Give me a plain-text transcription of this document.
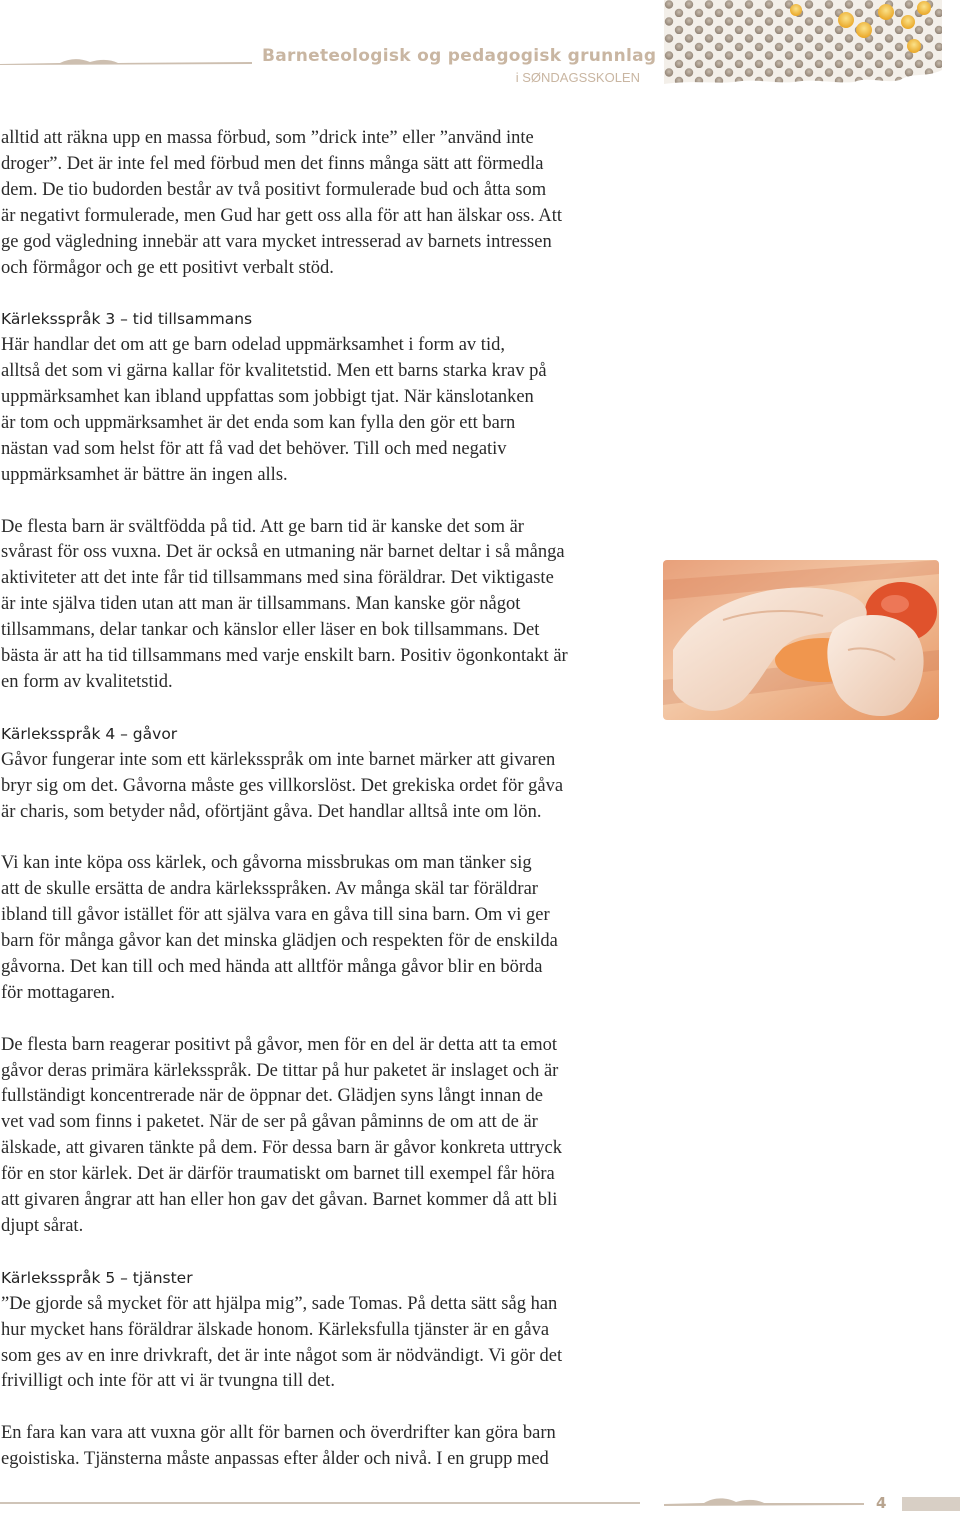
Barneteologisk og pedagogisk grunnlag
i SØNDAGSSKOLEN

alltid att räkna upp en massa förbud, som ”drick inte” eller ”använd inte
droger”. Det är inte fel med förbud men det finns många sätt att förmedla
dem. De tio budorden består av två positivt formulerade bud och åtta som
är negativt formulerade, men Gud har gett oss alla för att han älskar oss. Att
ge god vägledning innebär att vara mycket intresserad av barnets intressen
och förmågor och ge ett positivt verbalt stöd.

Kärleksspråk 3 – tid tillsammans
Här handlar det om att ge barn odelad uppmärksamhet i form av tid,
alltså det som vi gärna kallar för kvalitetstid. Men ett barns starka krav på
uppmärksamhet kan ibland uppfattas som jobbigt tjat. När känslotanken
är tom och uppmärksamhet är det enda som kan fylla den gör ett barn
nästan vad som helst för att få vad det behöver. Till och med negativ
uppmärksamhet är bättre än ingen alls.

De flesta barn är svältfödda på tid. Att ge barn tid är kanske det som är
svårast för oss vuxna. Det är också en utmaning när barnet deltar i så många
aktiviteter att det inte får tid tillsammans med sina föräldrar. Det viktigaste
är inte själva tiden utan att man är tillsammans. Man kanske gör något
tillsammans, delar tankar och känslor eller läser en bok tillsammans. Det
bästa är att ha tid tillsammans med varje enskilt barn. Positiv ögonkontakt är
en form av kvalitetstid.

Kärleksspråk 4 – gåvor
Gåvor fungerar inte som ett kärleksspråk om inte barnet märker att givaren
bryr sig om det. Gåvorna måste ges villkorslöst. Det grekiska ordet för gåva
är charis, som betyder nåd, oförtjänt gåva. Det handlar alltså inte om lön.

Vi kan inte köpa oss kärlek, och gåvorna missbrukas om man tänker sig
att de skulle ersätta de andra kärleksspråken. Av många skäl tar föräldrar
ibland till gåvor istället för att själva vara en gåva till sina barn. Om vi ger
barn för många gåvor kan det minska glädjen och respekten för de enskilda
gåvorna. Det kan till och med hända att alltför många gåvor blir en börda
för mottagaren.

De flesta barn reagerar positivt på gåvor, men för en del är detta att ta emot
gåvor deras primära kärleksspråk. De tittar på hur paketet är inslaget och är
fullständigt koncentrerade när de öppnar det. Glädjen syns långt innan de
vet vad som finns i paketet. När de ser på gåvan påminns de om att de är
älskade, att givaren tänkte på dem. För dessa barn är gåvor konkreta uttryck
för en stor kärlek. Det är därför traumatiskt om barnet till exempel får höra
att givaren ångrar att han eller hon gav det gåvan. Barnet kommer då att bli
djupt sårat.

Kärleksspråk 5 – tjänster
”De gjorde så mycket för att hjälpa mig”, sade Tomas. På detta sätt såg han
hur mycket hans föräldrar älskade honom. Kärleksfulla tjänster är en gåva
som ges av en inre drivkraft, det är inte något som är nödvändigt. Vi gör det
frivilligt och inte för att vi är tvungna till det.

En fara kan vara att vuxna gör allt för barnen och överdrifter kan göra barn
egoistiska. Tjänsterna måste anpassas efter ålder och nivå. I en grupp med

4
